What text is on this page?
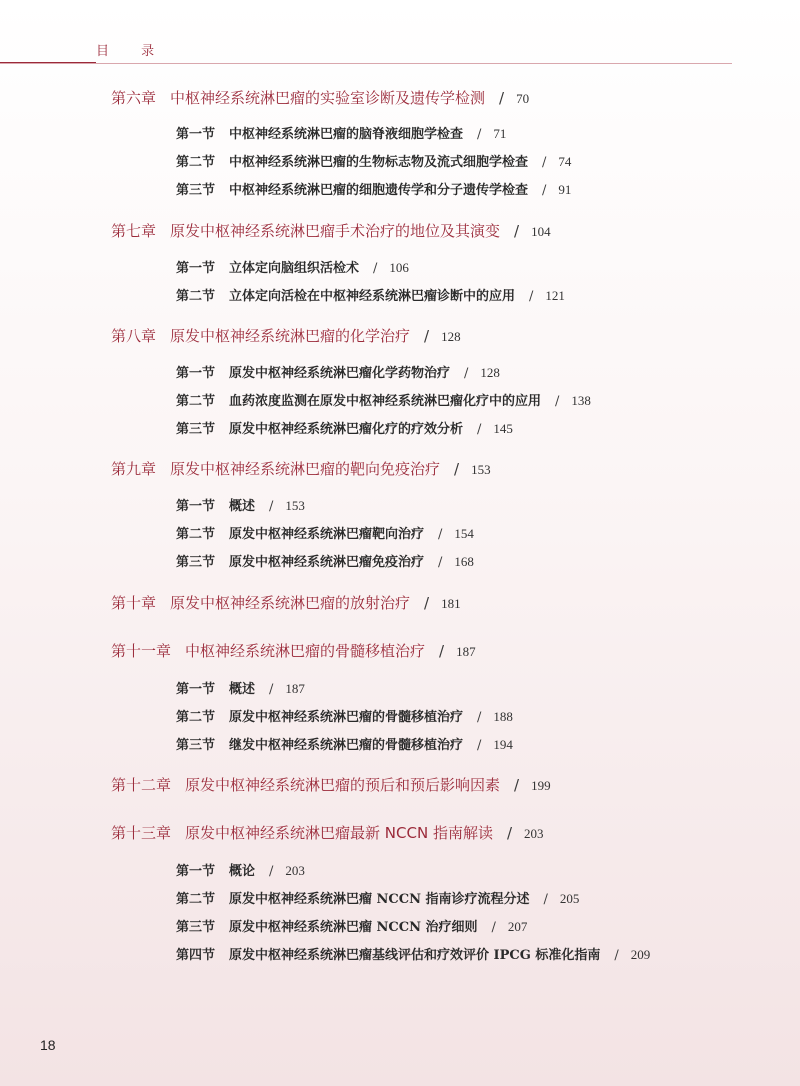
目 录
第六章 中枢神经系统淋巴瘤的实验室诊断及遗传学检测 / 70
第一节 中枢神经系统淋巴瘤的脑脊液细胞学检查 / 71
第二节 中枢神经系统淋巴瘤的生物标志物及流式细胞学检查 / 74
第三节 中枢神经系统淋巴瘤的细胞遗传学和分子遗传学检查 / 91
第七章 原发中枢神经系统淋巴瘤手术治疗的地位及其演变 / 104
第一节 立体定向脑组织活检术 / 106
第二节 立体定向活检在中枢神经系统淋巴瘤诊断中的应用 / 121
第八章 原发中枢神经系统淋巴瘤的化学治疗 / 128
第一节 原发中枢神经系统淋巴瘤化学药物治疗 / 128
第二节 血药浓度监测在原发中枢神经系统淋巴瘤化疗中的应用 / 138
第三节 原发中枢神经系统淋巴瘤化疗的疗效分析 / 145
第九章 原发中枢神经系统淋巴瘤的靶向免疫治疗 / 153
第一节 概述 / 153
第二节 原发中枢神经系统淋巴瘤靶向治疗 / 154
第三节 原发中枢神经系统淋巴瘤免疫治疗 / 168
第十章 原发中枢神经系统淋巴瘤的放射治疗 / 181
第十一章 中枢神经系统淋巴瘤的骨髓移植治疗 / 187
第一节 概述 / 187
第二节 原发中枢神经系统淋巴瘤的骨髓移植治疗 / 188
第三节 继发中枢神经系统淋巴瘤的骨髓移植治疗 / 194
第十二章 原发中枢神经系统淋巴瘤的预后和预后影响因素 / 199
第十三章 原发中枢神经系统淋巴瘤最新 NCCN 指南解读 / 203
第一节 概论 / 203
第二节 原发中枢神经系统淋巴瘤 NCCN 指南诊疗流程分述 / 205
第三节 原发中枢神经系统淋巴瘤 NCCN 治疗细则 / 207
第四节 原发中枢神经系统淋巴瘤基线评估和疗效评价 IPCG 标准化指南 / 209
18
